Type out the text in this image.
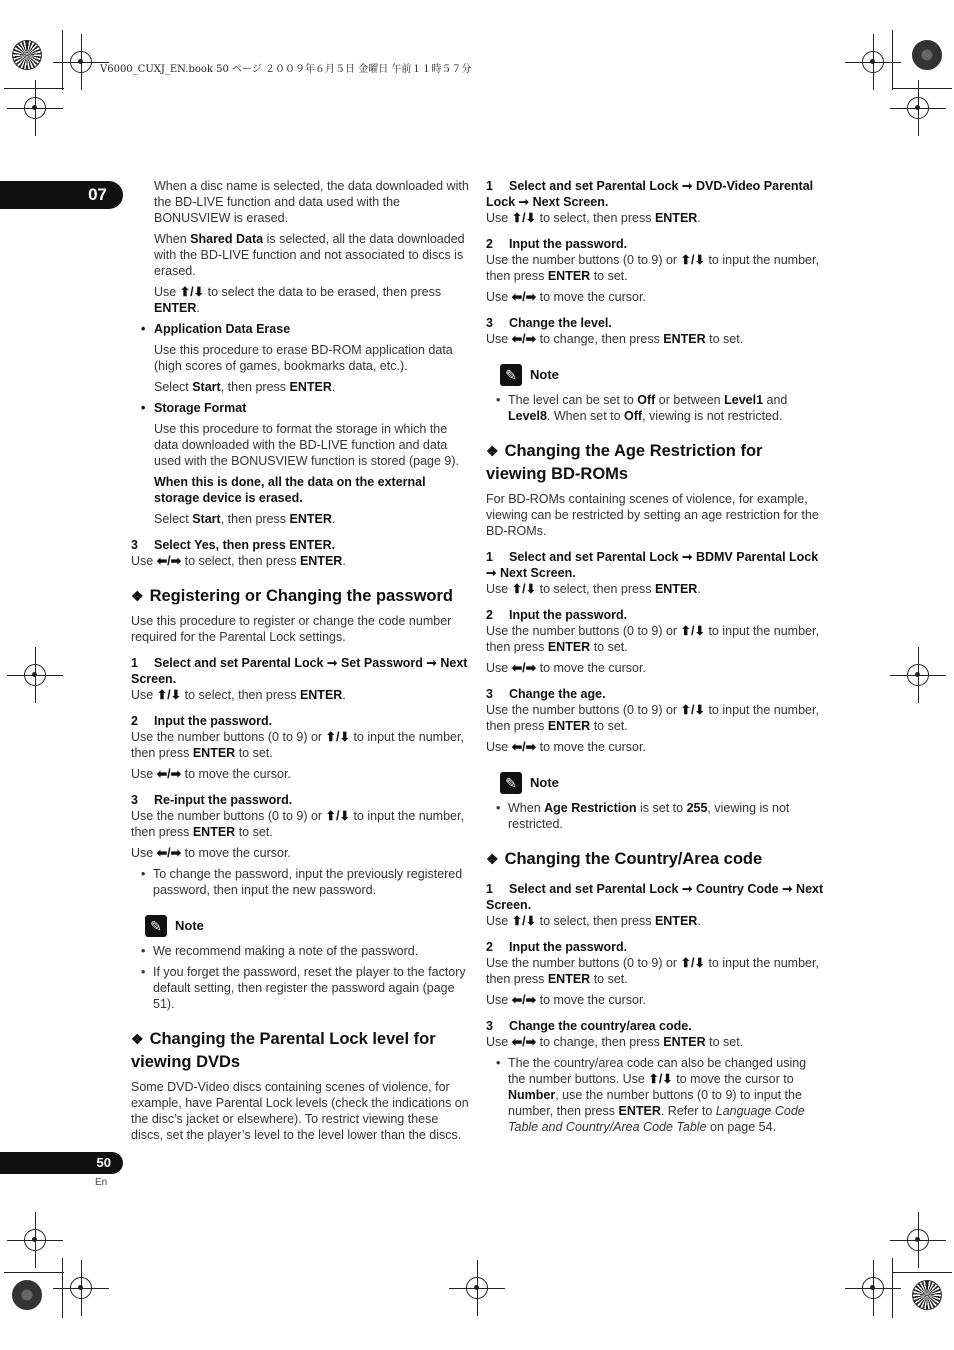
V6000_CUXJ_EN.book 50 ページ ２００９年６月５日 金曜日 午前１１時５７分
07
50
En

When a disc name is selected, the data downloaded with the BD-LIVE function and data used with the BONUSVIEW is erased.

When Shared Data is selected, all the data downloaded with the BD-LIVE function and not associated to discs is erased.

Use ⬆/⬇ to select the data to be erased, then press ENTER.

• Application Data Erase

Use this procedure to erase BD-ROM application data (high scores of games, bookmarks data, etc.).

Select Start, then press ENTER.

• Storage Format

Use this procedure to format the storage in which the data downloaded with the BD-LIVE function and data used with the BONUSVIEW function is stored (page 9).

When this is done, all the data on the external storage device is erased.

Select Start, then press ENTER.

3 Select Yes, then press ENTER.

Use ⬅/➡ to select, then press ENTER.

❖ Registering or Changing the password

Use this procedure to register or change the code number required for the Parental Lock settings.

1 Select and set Parental Lock ➞ Set Password ➞ Next Screen.

Use ⬆/⬇ to select, then press ENTER.

2 Input the password.

Use the number buttons (0 to 9) or ⬆/⬇ to input the number, then press ENTER to set.

Use ⬅/➡ to move the cursor.

3 Re-input the password.

Use the number buttons (0 to 9) or ⬆/⬇ to input the number, then press ENTER to set.

Use ⬅/➡ to move the cursor.

• To change the password, input the previously registered password, then input the new password.

✎	Note

• We recommend making a note of the password.

• If you forget the password, reset the player to the factory default setting, then register the password again (page 51).

❖ Changing the Parental Lock level for viewing DVDs

Some DVD-Video discs containing scenes of violence, for example, have Parental Lock levels (check the indications on the disc’s jacket or elsewhere). To restrict viewing these discs, set the player’s level to the level lower than the discs.

1 Select and set Parental Lock ➞ DVD-Video Parental Lock ➞ Next Screen.

Use ⬆/⬇ to select, then press ENTER.

2 Input the password.

Use the number buttons (0 to 9) or ⬆/⬇ to input the number, then press ENTER to set.

Use ⬅/➡ to move the cursor.

3 Change the level.

Use ⬅/➡ to change, then press ENTER to set.

✎	Note

• The level can be set to Off or between Level1 and Level8. When set to Off, viewing is not restricted.

❖ Changing the Age Restriction for viewing BD-ROMs

For BD-ROMs containing scenes of violence, for example, viewing can be restricted by setting an age restriction for the BD-ROMs.

1 Select and set Parental Lock ➞ BDMV Parental Lock ➞ Next Screen.

Use ⬆/⬇ to select, then press ENTER.

2 Input the password.

Use the number buttons (0 to 9) or ⬆/⬇ to input the number, then press ENTER to set.

Use ⬅/➡ to move the cursor.

3 Change the age.

Use the number buttons (0 to 9) or ⬆/⬇ to input the number, then press ENTER to set.

Use ⬅/➡ to move the cursor.

✎	Note

• When Age Restriction is set to 255, viewing is not restricted.

❖ Changing the Country/Area code

1 Select and set Parental Lock ➞ Country Code ➞ Next Screen.

Use ⬆/⬇ to select, then press ENTER.

2 Input the password.

Use the number buttons (0 to 9) or ⬆/⬇ to input the number, then press ENTER to set.

Use ⬅/➡ to move the cursor.

3 Change the country/area code.

Use ⬅/➡ to change, then press ENTER to set.

• The the country/area code can also be changed using the number buttons. Use ⬆/⬇ to move the cursor to Number, use the number buttons (0 to 9) to input the number, then press ENTER. Refer to Language Code Table and Country/Area Code Table on page 54.
